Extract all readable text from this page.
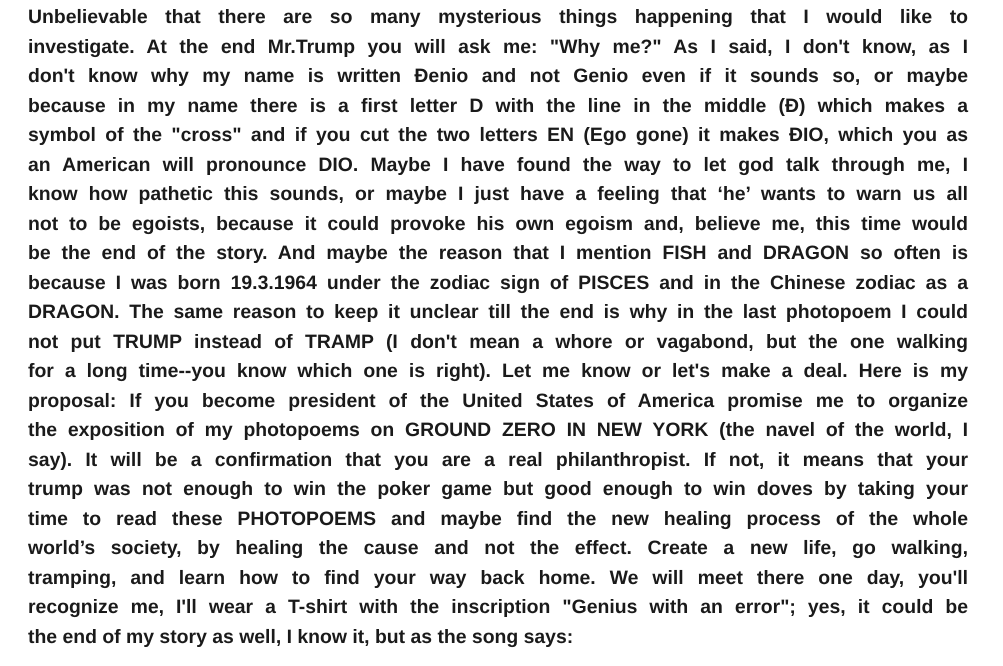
Unbelievable that there are so many mysterious things happening that I would like to
investigate. At the end Mr.Trump you will ask me: "Why me?" As I said, I don't know, as I
don't know why my name is written Đenio and not Genio even if it sounds so, or maybe
because in my name there is a first letter D with the line in the middle (Đ) which makes a
symbol of the "cross" and if you cut the two letters EN (Ego gone) it makes ĐIO, which you as
an American will pronounce DIO. Maybe I have found the way to let god talk through me, I
know how pathetic this sounds, or maybe I just have a feeling that ‘he’ wants to warn us all
not to be egoists, because it could provoke his own egoism and, believe me, this time would
be the end of the story. And maybe the reason that I mention FISH and DRAGON so often is
because I was born 19.3.1964 under the zodiac sign of PISCES and in the Chinese zodiac as a
DRAGON. The same reason to keep it unclear till the end is why in the last photopoem I could
not put TRUMP instead of TRAMP (I don't mean a whore or vagabond, but the one walking
for a long time--you know which one is right). Let me know or let's make a deal. Here is my
proposal: If you become president of the United States of America promise me to organize
the exposition of my photopoems on GROUND ZERO IN NEW YORK (the navel of the world, I
say). It will be a confirmation that you are a real philanthropist. If not, it means that your
trump was not enough to win the poker game but good enough to win doves by taking your
time to read these PHOTOPOEMS and maybe find the new healing process of the whole
world’s society, by healing the cause and not the effect. Create a new life, go walking,
tramping, and learn how to find your way back home. We will meet there one day, you'll
recognize me, I'll wear a T-shirt with the inscription "Genius with an error"; yes, it could be
the end of my story as well, I know it, but as the song says:
